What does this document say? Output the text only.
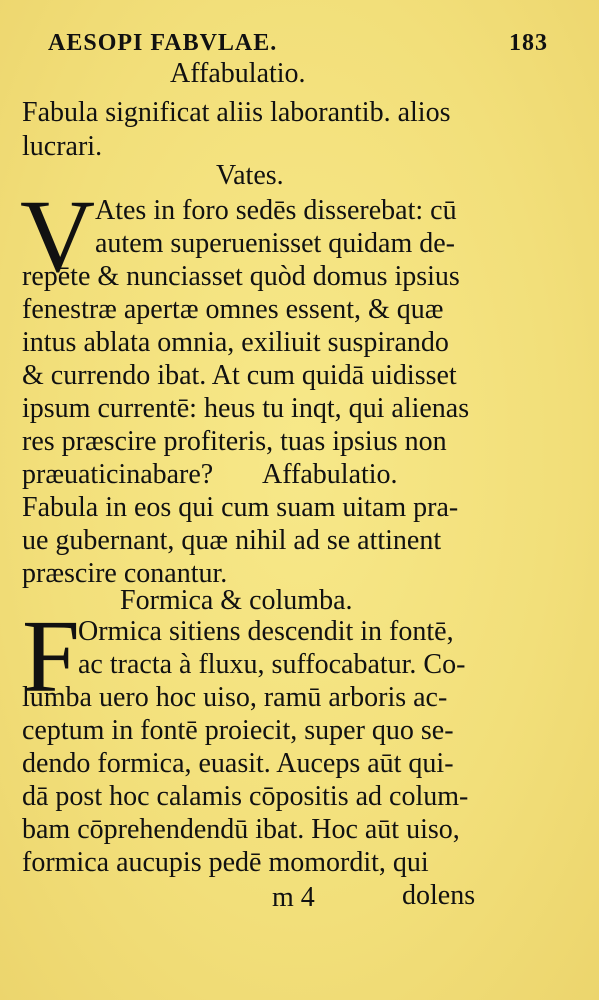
AESOPI FABVLAE.	183
Affabulatio.
Fabula significat aliis laborantib. alios
lucrari.
Vates.
V Ates in foro sedēs disserebat: cū
autem superuenisset quidam de-
repēte & nunciasset quòd domus ipsius
fenestræ apertæ omnes essent, & quæ
intus ablata omnia, exiliuit suspirando
& currendo ibat. At cum quidā uidisset
ipsum currentē: heus tu inqt, qui alienas
res præscire profiteris, tuas ipsius non
præuaticinabare? Affabulatio.
Fabula in eos qui cum suam uitam pra-
ue gubernant, quæ nihil ad se attinent
præscire conantur.
Formica & columba.
F
Ormica sitiens descendit in fontē,
ac tracta à fluxu, suffocabatur. Co-
lumba uero hoc uiso, ramū arboris ac-
ceptum in fontē proiecit, super quo se-
dendo formica, euasit. Auceps aūt qui-
dā post hoc calamis cōpositis ad colum-
bam cōprehendendū ibat. Hoc aūt uiso,
formica aucupis pedē momordit, qui
m 4	dolens
